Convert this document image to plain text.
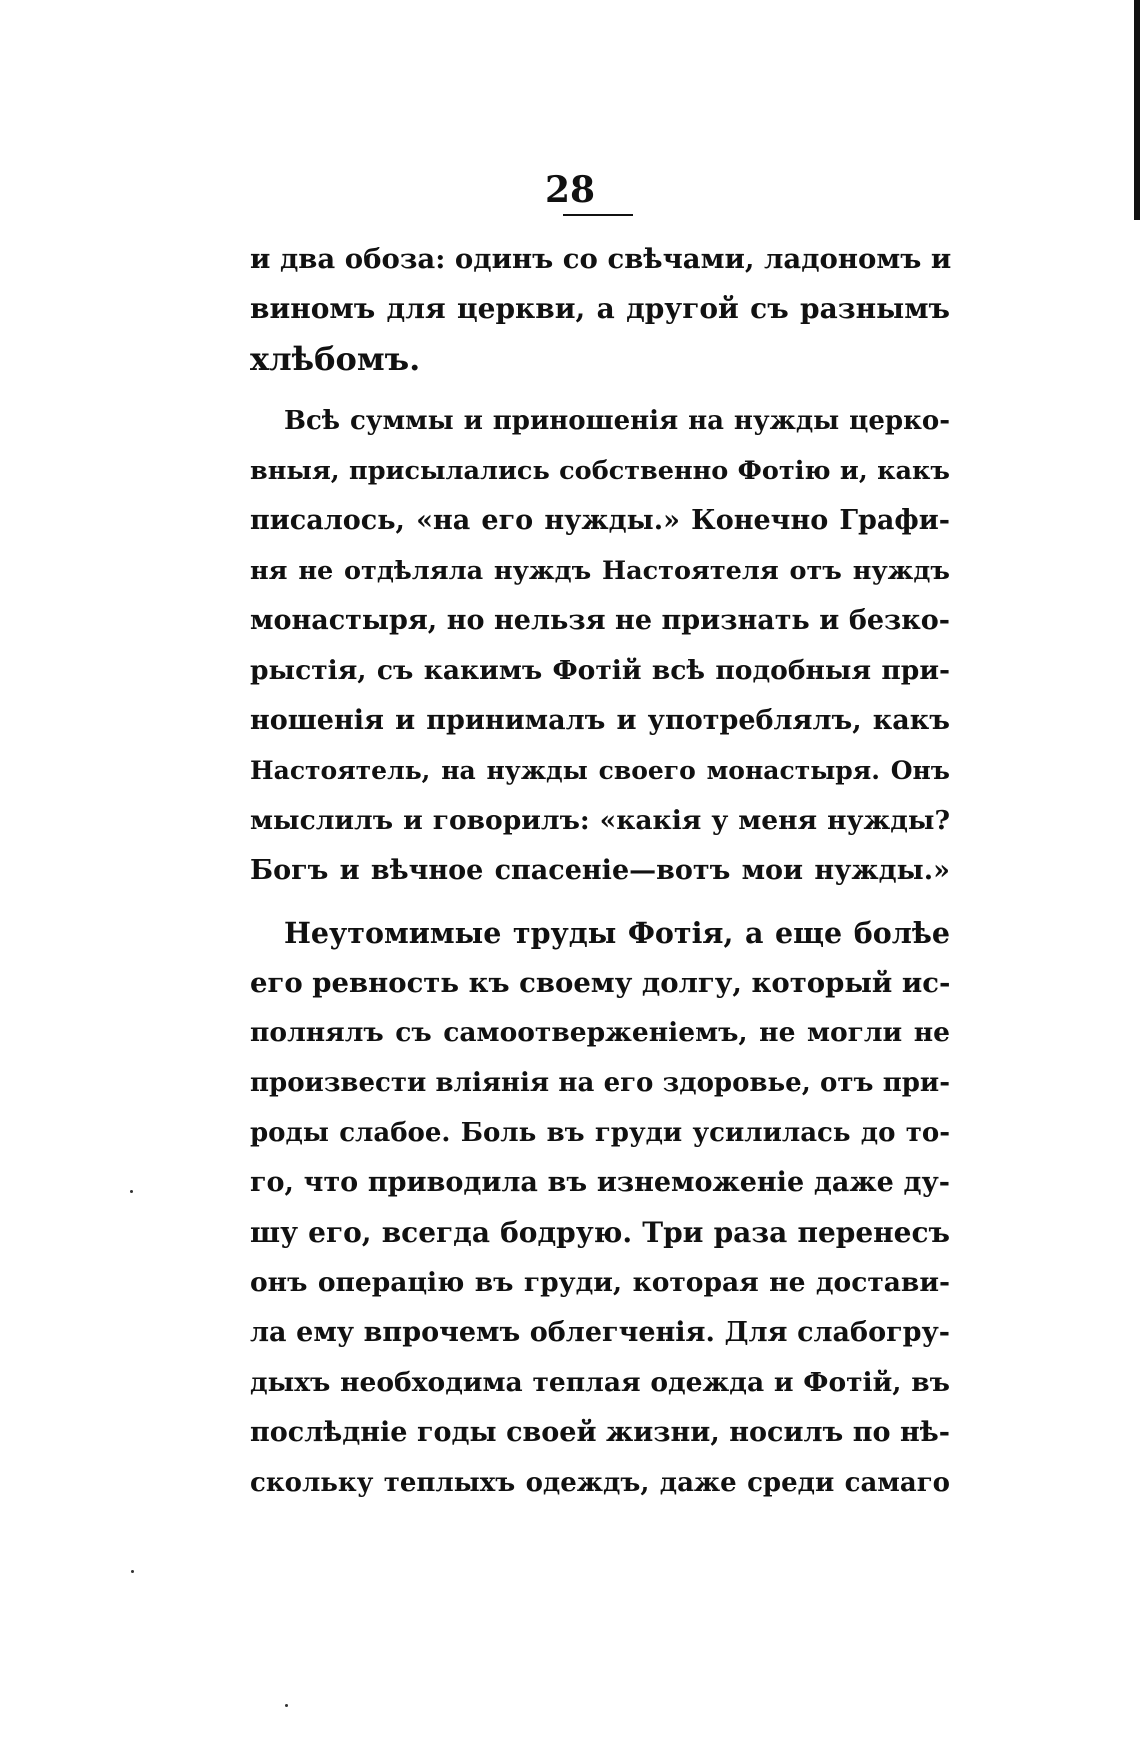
28
и два обоза: одинъ со свѣчами, ладономъ и
виномъ для церкви, а другой съ разнымъ
хлѣбомъ.
Всѣ суммы и приношенія на нужды церко-
вныя, присылались собственно Фотію и, какъ
писалось, «на его нужды.» Конечно Графи-
ня не отдѣляла нуждъ Настоятеля отъ нуждъ
монастыря, но нельзя не признать и безко-
рыстія, съ какимъ Фотій всѣ подобныя при-
ношенія и принималъ и употреблялъ, какъ
Настоятель, на нужды своего монастыря. Онъ
мыслилъ и говорилъ: «какія у меня нужды?
Богъ и вѣчное спасеніе—вотъ мои нужды.»
Неутомимые труды Фотія, а еще болѣе
его ревность къ своему долгу, который ис-
полнялъ съ самоотверженіемъ, не могли не
произвести вліянія на его здоровье, отъ при-
роды слабое. Боль въ груди усилилась до то-
го, что приводила въ изнеможеніе даже ду-
шу его, всегда бодрую. Три раза перенесъ
онъ операцію въ груди, которая не достави-
ла ему впрочемъ облегченія. Для слабогру-
дыхъ необходима теплая одежда и Фотій, въ
послѣдніе годы своей жизни, носилъ по нѣ-
скольку теплыхъ одеждъ, даже среди самаго
